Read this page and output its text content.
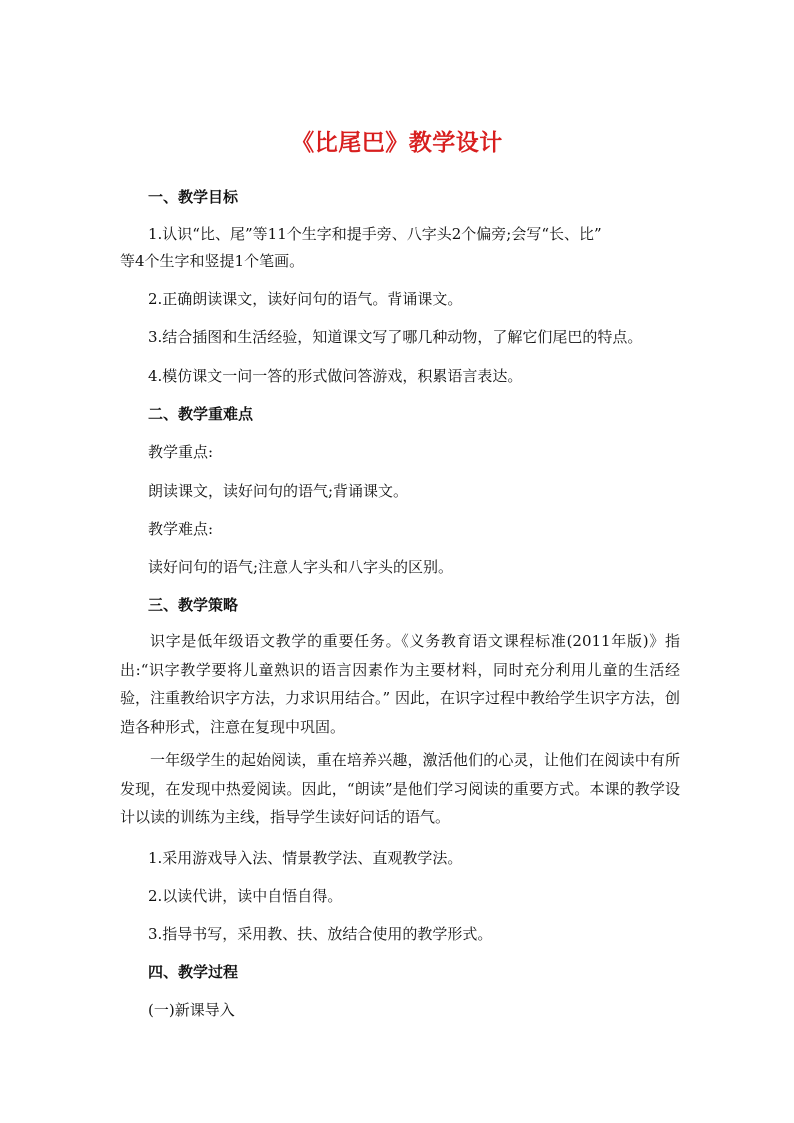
《比尾巴》教学设计
一、教学目标
1.认识“比、尾”等11个生字和提手旁、八字头2个偏旁;会写“长、比”
等4个生字和竖提1个笔画。
2.正确朗读课文，读好问句的语气。背诵课文。
3.结合插图和生活经验，知道课文写了哪几种动物，了解它们尾巴的特点。
4.模仿课文一问一答的形式做问答游戏，积累语言表达。
二、教学重难点
教学重点:
朗读课文，读好问句的语气;背诵课文。
教学难点:
读好问句的语气;注意人字头和八字头的区别。
三、教学策略
识字是低年级语文教学的重要任务。《义务教育语文课程标准(2011年版)》指出:“识字教学要将儿童熟识的语言因素作为主要材料，同时充分利用儿童的生活经验，注重教给识字方法，力求识用结合。” 因此，在识字过程中教给学生识字方法，创造各种形式，注意在复现中巩固。
一年级学生的起始阅读，重在培养兴趣，激活他们的心灵，让他们在阅读中有所发现，在发现中热爱阅读。因此，“朗读”是他们学习阅读的重要方式。本课的教学设计以读的训练为主线，指导学生读好问话的语气。
1.采用游戏导入法、情景教学法、直观教学法。
2.以读代讲，读中自悟自得。
3.指导书写，采用教、扶、放结合使用的教学形式。
四、教学过程
(一)新课导入
